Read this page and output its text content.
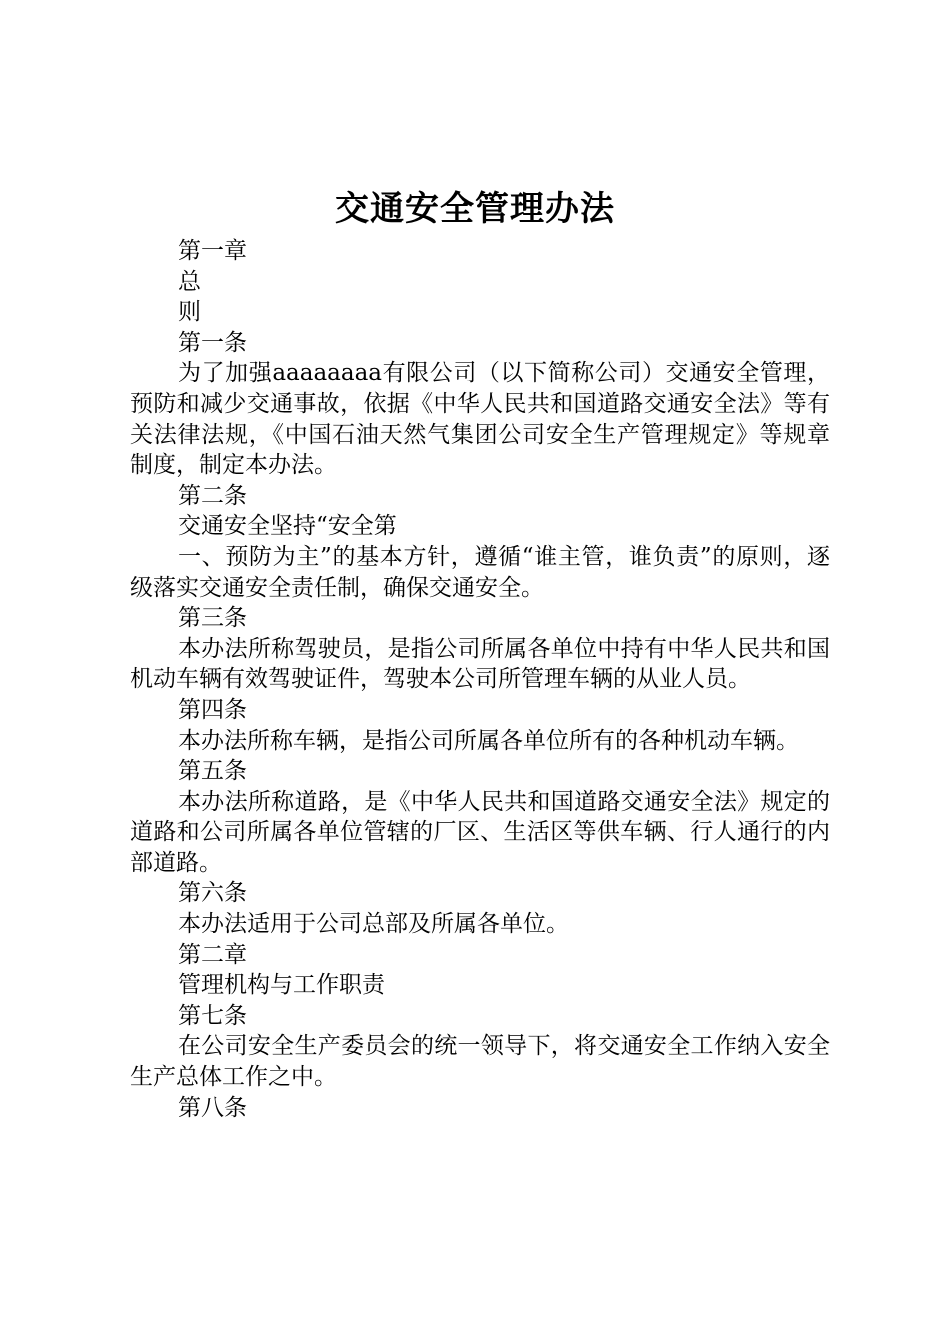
交通安全管理办法

第一章

总

则

第一条

为了加强aaaaaaaa有限公司（以下简称公司）交通安全管理，预防和减少交通事故，依据《中华人民共和国道路交通安全法》等有关法律法规，《中国石油天然气集团公司安全生产管理规定》等规章制度，制定本办法。

第二条

交通安全坚持“安全第

一、预防为主”的基本方针，遵循“谁主管，谁负责”的原则，逐级落实交通安全责任制，确保交通安全。

第三条

本办法所称驾驶员，是指公司所属各单位中持有中华人民共和国机动车辆有效驾驶证件，驾驶本公司所管理车辆的从业人员。

第四条

本办法所称车辆，是指公司所属各单位所有的各种机动车辆。

第五条

本办法所称道路，是《中华人民共和国道路交通安全法》规定的道路和公司所属各单位管辖的厂区、生活区等供车辆、行人通行的内部道路。

第六条

本办法适用于公司总部及所属各单位。

第二章

管理机构与工作职责

第七条

在公司安全生产委员会的统一领导下，将交通安全工作纳入安全生产总体工作之中。

第八条
